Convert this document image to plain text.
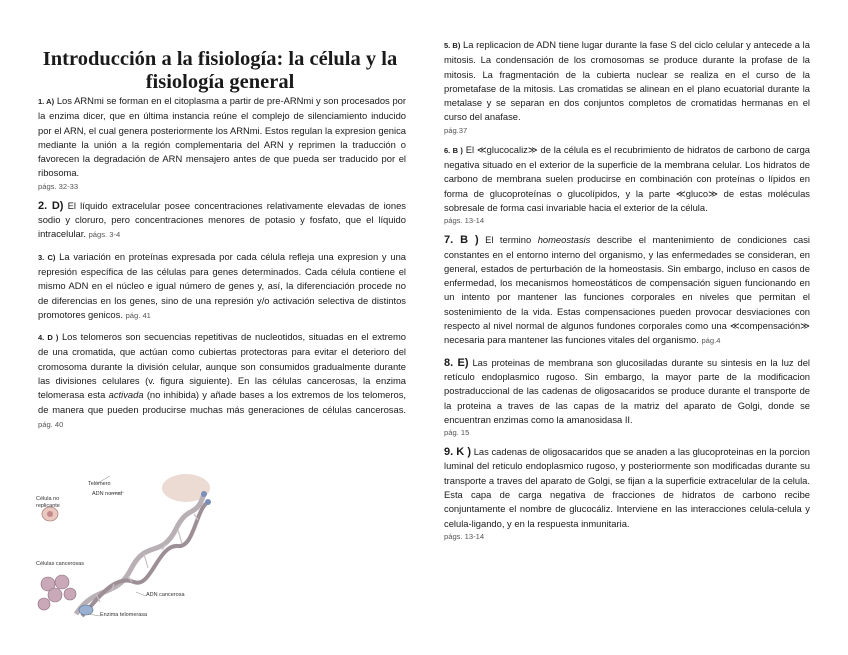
Introducción a la fisiología: la célula y la fisiología general

1. A) Los ARNmi se forman en el citoplasma a partir de pre-ARNmi y son procesados por la enzima dicer, que en última instancia reúne el complejo de silenciamiento inducido por el ARN, el cual genera posteriormente los ARNmi. Estos regulan la expresion genica mediante la unión a la región complementaria del ARN y reprimen la traducción o favorecen la degradación de ARN mensajero antes de que pueda ser traducido por el ribosoma.
págs. 32-33

2. D) El líquido extracelular posee concentraciones relativamente elevadas de iones sodio y cloruro, pero concentraciones menores de potasio y fosfato, que el líquido intracelular. págs. 3-4

3. C) La variación en proteínas expresada por cada célula refleja una expresion y una represión específica de las células para genes determinados. Cada célula contiene el mismo ADN en el núcleo e igual número de genes y, así, la diferenciación procede no de diferencias en los genes, sino de una represión y/o activación selectiva de distintos promotores genicos. pág. 41

4. D ) Los telomeros son secuencias repetitivas de nucleotidos, situadas en el extremo de una cromatida, que actúan como cubiertas protectoras para evitar el deterioro del cromosoma durante la división celular, aunque son consumidos gradualmente durante las divisiones celulares (v. figura siguiente). En las células cancerosas, la enzima telomerasa esta activada (no inhibida) y añade bases a los extremos de los telomeros, de manera que pueden producirse muchas más generaciones de células cancerosas. pág. 40

Célula no replicante
Telómero
ADN normal
Células cancerosas
ADN cancerosa
Enzima telomerasa

5. B) La replicacion de ADN tiene lugar durante la fase S del ciclo celular y antecede a la mitosis. La condensación de los cromosomas se produce durante la profase de la mitosis. La fragmentación de la cubierta nuclear se realiza en el curso de la prometafase de la mitosis. Las cromatidas se alinean en el plano ecuatorial durante la metalase y se separan en dos conjuntos completos de cromatidas hermanas en el curso del anafase.
pág.37

6. B ) El ≪glucocaliz≫ de la célula es el recubrimiento de hidratos de carbono de carga negativa situado en el exterior de la superficie de la membrana celular. Los hidratos de carbono de membrana suelen producirse en combinación con proteínas o lípidos en forma de glucoproteínas o glucolípidos, y la parte ≪gluco≫ de estas moléculas sobresale de forma casi invariable hacia el exterior de la célula.
págs. 13-14

7. B ) El termino homeostasis describe el mantenimiento de condiciones casi constantes en el entorno interno del organismo, y las enfermedades se consideran, en general, estados de perturbación de la homeostasis. Sin embargo, incluso en casos de enfermedad, los mecanismos homeostáticos de compensación siguen funcionando en un intento por mantener las funciones corporales en niveles que permitan el sostenimiento de la vida. Estas compensaciones pueden provocar desviaciones con respecto al nivel normal de algunos fundones corporales como una ≪compensación≫ necesaria para mantener las funciones vitales del organismo. pág.4

8. E) Las proteinas de membrana son glucosiladas durante su sintesis en la luz del retículo endoplasmico rugoso. Sin embargo, la mayor parte de la modificacion postraduccional de las cadenas de oligosacaridos se produce durante el transporte de la proteina a traves de las capas de la matriz del aparato de Golgi, donde se encuentran enzimas como la amanosidasa II.
pág. 15

9. K ) Las cadenas de oligosacaridos que se anaden a las glucoproteinas en la porcion luminal del reticulo endoplasmico rugoso, y posteriormente son modificadas durante su transporte a traves del aparato de Golgi, se fijan a la superficie extracelular de la celula. Esta capa de carga negativa de fracciones de hidratos de carbono recibe conjuntamente el nombre de glucocáliz. Interviene en las interacciones celula-celula y celula-ligando, y en la respuesta inmunitaria.
págs. 13-14
